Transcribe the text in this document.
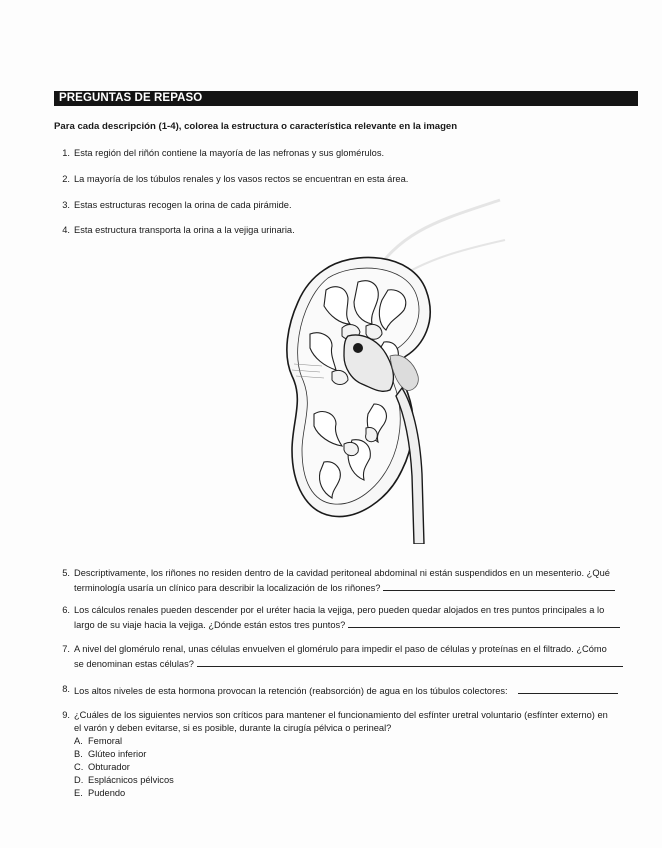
PREGUNTAS DE REPASO
Para cada descripción (1-4), colorea la estructura o característica relevante en la imagen
1. Esta región del riñón contiene la mayoría de las nefronas y sus glomérulos.
2. La mayoría de los túbulos renales y los vasos rectos se encuentran en esta área.
3. Estas estructuras recogen la orina de cada pirámide.
4. Esta estructura transporta la orina a la vejiga urinaria.
5. Descriptivamente, los riñones no residen dentro de la cavidad peritoneal abdominal ni están suspendidos en un mesenterio. ¿Qué
terminología usaría un clínico para describir la localización de los riñones?
6. Los cálculos renales pueden descender por el uréter hacia la vejiga, pero pueden quedar alojados en tres puntos principales a lo
largo de su viaje hacia la vejiga. ¿Dónde están estos tres puntos?
7. A nivel del glomérulo renal, unas células envuelven el glomérulo para impedir el paso de células y proteínas en el filtrado. ¿Cómo
se denominan estas células?
8. Los altos niveles de esta hormona provocan la retención (reabsorción) de agua en los túbulos colectores:
9. ¿Cuáles de los siguientes nervios son críticos para mantener el funcionamiento del esfínter uretral voluntario (esfínter externo) en
el varón y deben evitarse, si es posible, durante la cirugía pélvica o perineal?
A. Femoral
B. Glúteo inferior
C. Obturador
D. Esplácnicos pélvicos
E. Pudendo
